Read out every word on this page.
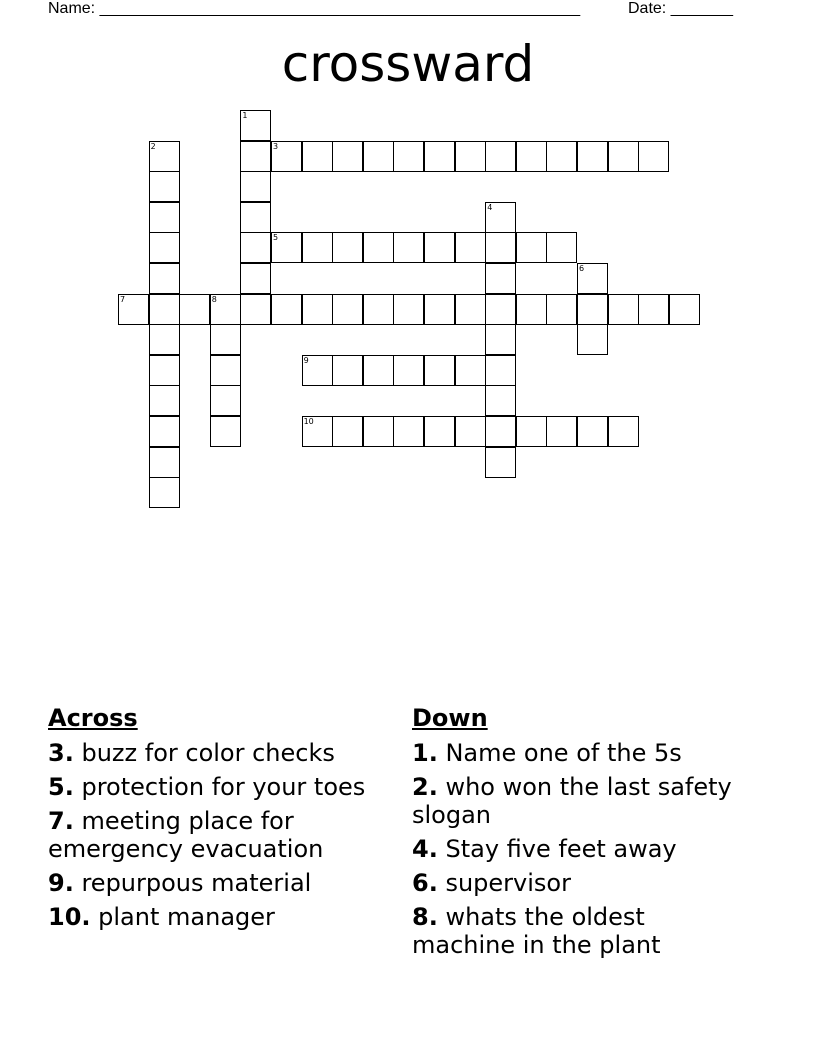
Name: ______________________________________________________	Date: _______
crossward
1
2	3
4
5
6
7	8
9
10
Across
3. buzz for color checks
5. protection for your toes
7. meeting place for emergency evacuation
9. repurpous material
10. plant manager
Down
1. Name one of the 5s
2. who won the last safety slogan
4. Stay five feet away
6. supervisor
8. whats the oldest machine in the plant
